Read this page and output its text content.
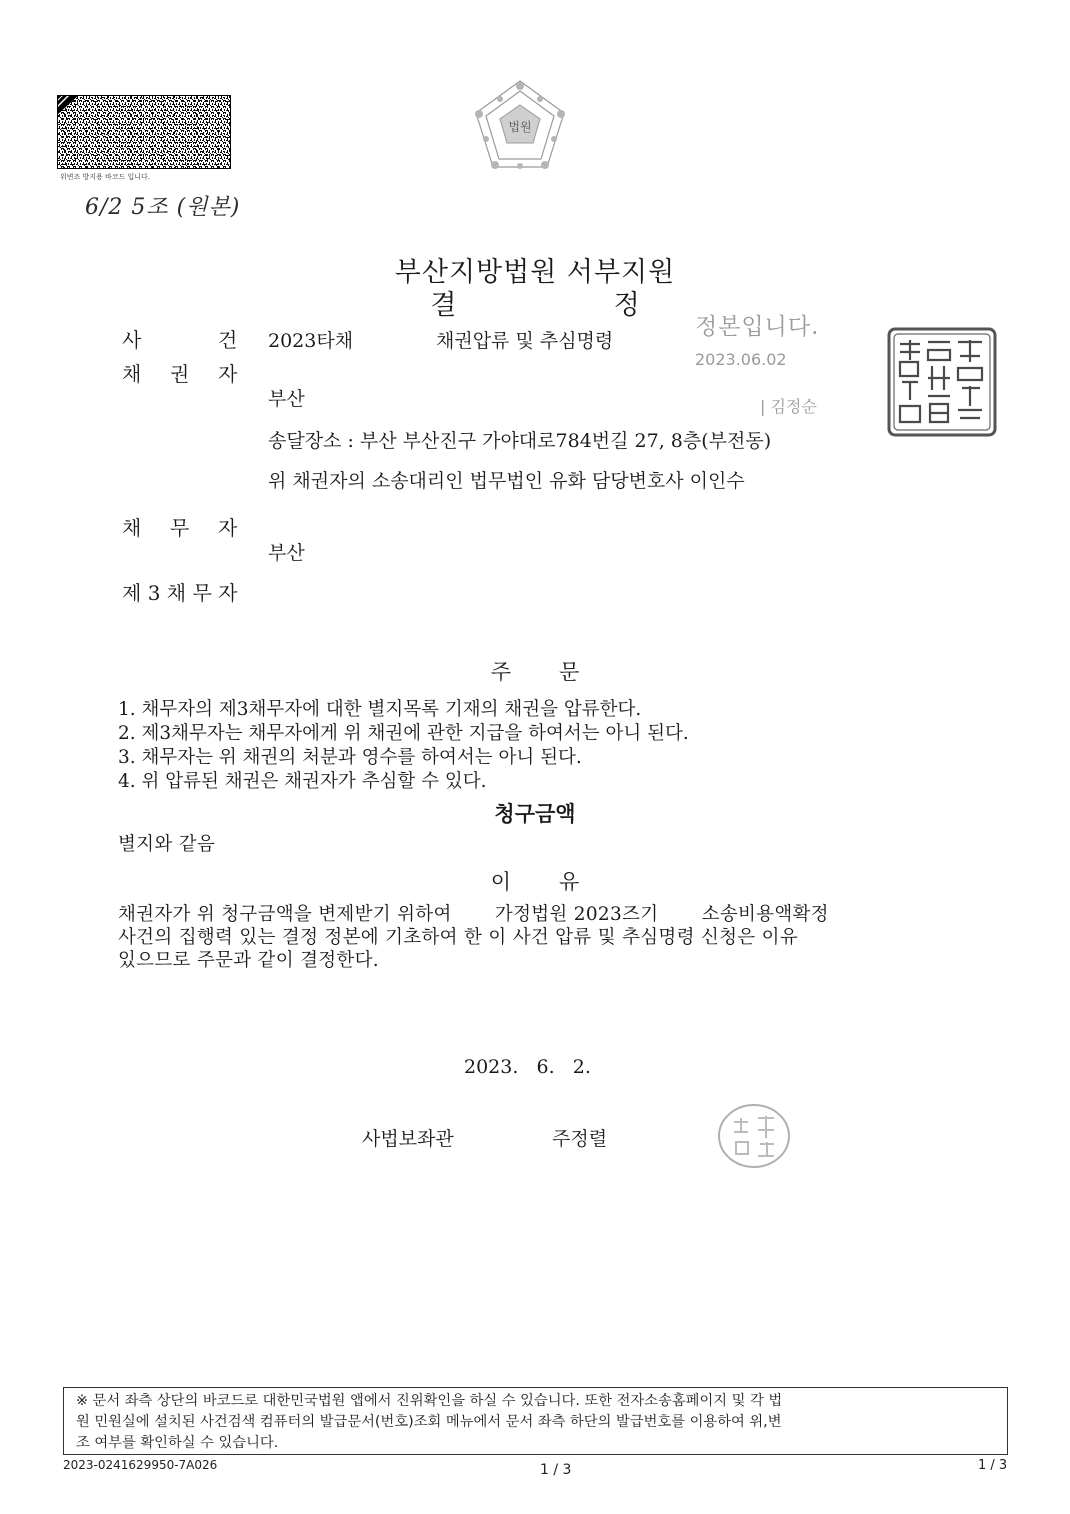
위변조 방지용 바코드 입니다.
6/2 5조 (원본)
법원
부산지방법원 서부지원
결	정
정본입니다.
2023.06.02
| 김정순
사	건 2023타채	채권압류 및 추심명령
채 권 자
부산
송달장소 : 부산 부산진구 가야대로784번길 27, 8층(부전동)
위 채권자의 소송대리인 법무법인 유화 담당변호사 이인수
채 무 자
부산
제 3 채 무 자
주 문
1. 채무자의 제3채무자에 대한 별지목록 기재의 채권을 압류한다.
2. 제3채무자는 채무자에게 위 채권에 관한 지급을 하여서는 아니 된다.
3. 채무자는 위 채권의 처분과 영수를 하여서는 아니 된다.
4. 위 압류된 채권은 채권자가 추심할 수 있다.
청구금액
별지와 같음
이 유
채권자가 위 청구금액을 변제받기 위하여       가정법원 2023즈기       소송비용액확정
사건의 집행력 있는 결정 정본에 기초하여 한 이 사건 압류 및 추심명령 신청은 이유
있으므로 주문과 같이 결정한다.
2023.   6.   2.
사법보좌관	주정렬
※ 문서 좌측 상단의 바코드로 대한민국법원 앱에서 진위확인을 하실 수 있습니다. 또한 전자소송홈페이지 및 각 법
원 민원실에 설치된 사건검색 컴퓨터의 발급문서(번호)조회 메뉴에서 문서 좌측 하단의 발급번호를 이용하여 위,변
조 여부를 확인하실 수 있습니다.
2023-0241629950-7A026	1 / 3	1 / 3
